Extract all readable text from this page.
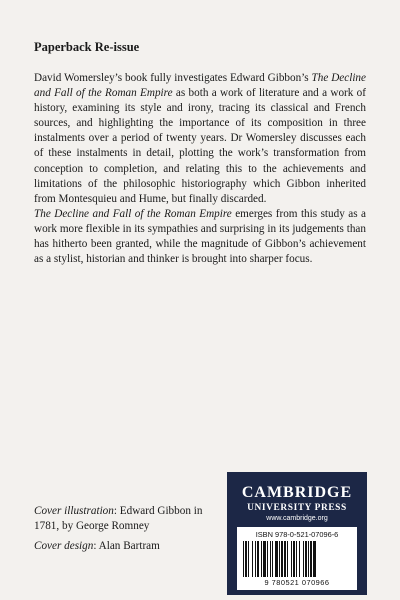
Paperback Re-issue

David Womersley’s book fully investigates Edward Gibbon’s The Decline and Fall of the Roman Empire as both a work of literature and a work of history, examining its style and irony, tracing its classical and French sources, and highlighting the importance of its composition in three instalments over a period of twenty years. Dr Womersley discusses each of these instalments in detail, plotting the work’s transformation from conception to completion, and relating this to the achievements and limitations of the philosophic historiography which Gibbon inherited from Montesquieu and Hume, but finally discarded.

The Decline and Fall of the Roman Empire emerges from this study as a work more flexible in its sympathies and surprising in its judgements than has hitherto been granted, while the magnitude of Gibbon’s achievement as a stylist, historian and thinker is brought into sharper focus.

Cover illustration: Edward Gibbon in 1781, by George Romney

Cover design: Alan Bartram

CAMBRIDGE
UNIVERSITY PRESS
www.cambridge.org
ISBN 978-0-521-07096-6
9 780521 070966
